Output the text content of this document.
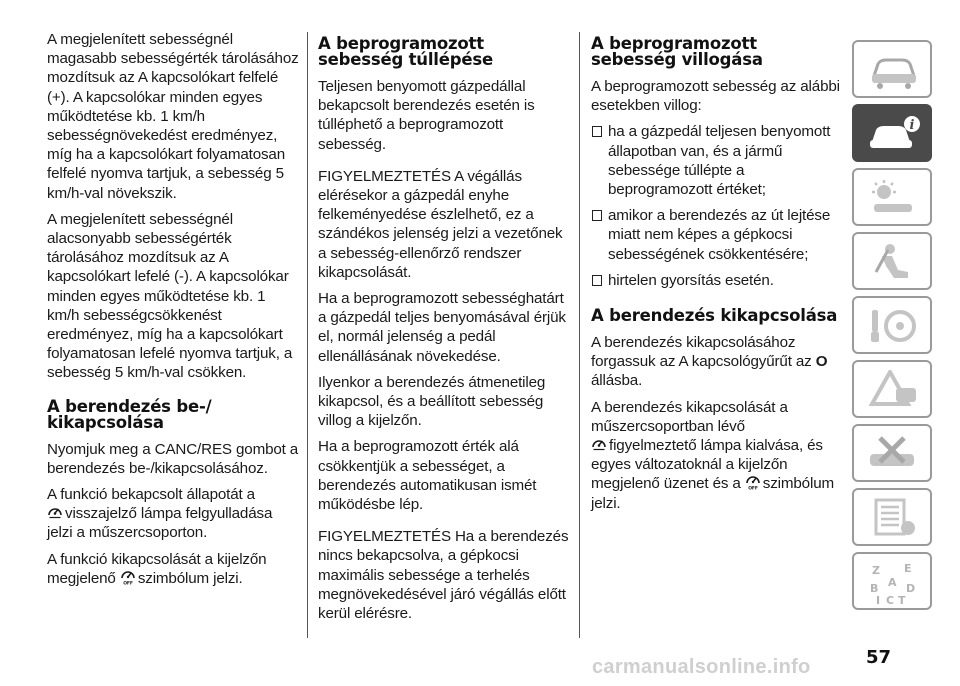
A megjelenített sebességnél magasabb sebességérték tárolásához mozdítsuk az A kapcsolókart felfelé (+). A kapcsolókar minden egyes működtetése kb. 1 km/h sebességnövekedést eredményez, míg ha a kapcsolókart folyamatosan felfelé nyomva tartjuk, a sebesség 5 km/h-val növekszik.

A megjelenített sebességnél alacsonyabb sebességérték tárolásához mozdítsuk az A kapcsolókart lefelé (-). A kapcsolókar minden egyes működtetése kb. 1 km/h sebességcsökkenést eredményez, míg ha a kapcsolókart folyamatosan lefelé nyomva tartjuk, a sebesség 5 km/h-val csökken.

A berendezés be-/ kikapcsolása

Nyomjuk meg a CANC/RES gombot a berendezés be-/kikapcsolásához.

A funkció bekapcsolt állapotát a
visszajelző lámpa felgyulladása jelzi a műszercsoporton.

A funkció kikapcsolását a kijelzőn megjelenő OFF szimbólum jelzi.

A beprogramozott sebesség túllépése

Teljesen benyomott gázpedállal bekapcsolt berendezés esetén is túlléphető a beprogramozott sebesség.

FIGYELMEZTETÉS A végállás elérésekor a gázpedál enyhe felkeményedése észlelhető, ez a szándékos jelenség jelzi a vezetőnek a sebesség-ellenőrző rendszer kikapcsolását.

Ha a beprogramozott sebességhatárt a gázpedál teljes benyomásával érjük el, normál jelenség a pedál ellenállásának növekedése.

Ilyenkor a berendezés átmenetileg kikapcsol, és a beállított sebesség villog a kijelzőn.

Ha a beprogramozott érték alá csökkentjük a sebességet, a berendezés automatikusan ismét működésbe lép.

FIGYELMEZTETÉS Ha a berendezés nincs bekapcsolva, a gépkocsi maximális sebessége a terhelés megnövekedésével járó végállás előtt kerül elérésre.

A beprogramozott sebesség villogása

A beprogramozott sebesség az alábbi esetekben villog:

ha a gázpedál teljesen benyomott állapotban van, és a jármű sebessége túllépte a beprogramozott értéket;
amikor a berendezés az út lejtése miatt nem képes a gépkocsi sebességének csökkentésére;
hirtelen gyorsítás esetén.
A berendezés kikapcsolása

A berendezés kikapcsolásához forgassuk az A kapcsológyűrűt az O állásba.

A berendezés kikapcsolását a műszercsoportban lévő
figyelmeztető lámpa kialvása, és egyes változatoknál a kijelzőn megjelenő üzenet és a OFF szimbólum jelzi.

i
Z E
A
B	D
I C T
57
carmanualsonline.info
